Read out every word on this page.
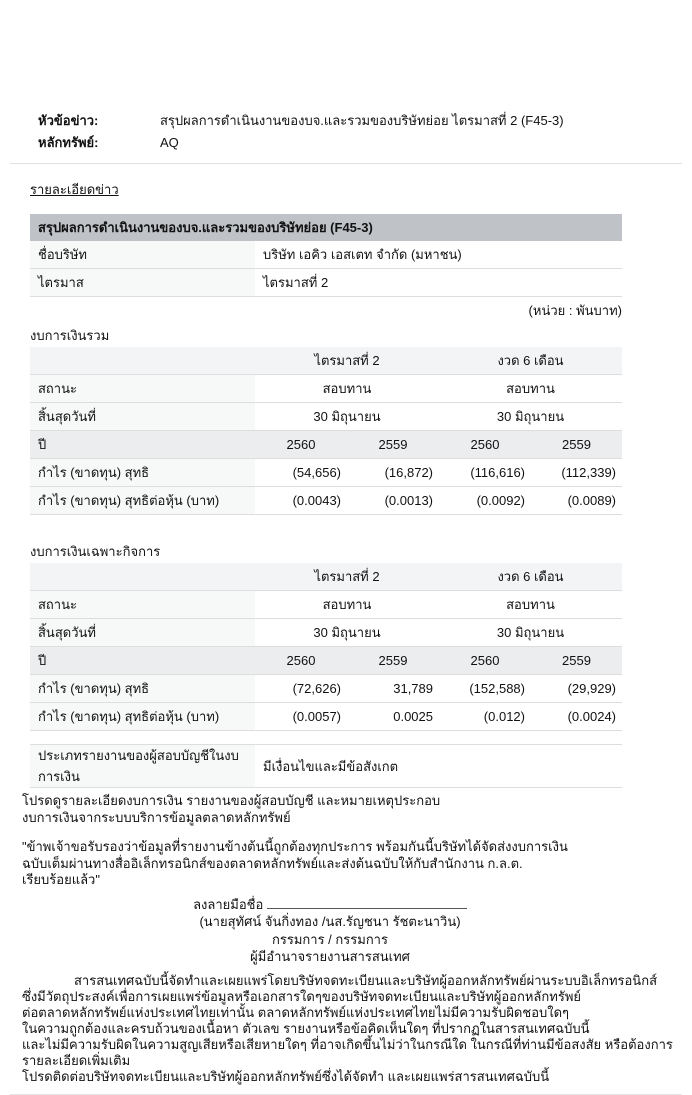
หัวข้อข่าว:	สรุปผลการดำเนินงานของบจ.และรวมของบริษัทย่อย ไตรมาสที่ 2 (F45-3)
หลักทรัพย์:	AQ
รายละเอียดข่าว
สรุปผลการดำเนินงานของบจ.และรวมของบริษัทย่อย (F45-3)
ชื่อบริษัท	บริษัท เอคิว เอสเตท จำกัด (มหาชน)
ไตรมาส	ไตรมาสที่ 2
(หน่วย : พันบาท)
งบการเงินรวม
	ไตรมาสที่ 2		งวด 6 เดือน	
สถานะ	สอบทาน		สอบทาน	
สิ้นสุดวันที่	30 มิถุนายน		30 มิถุนายน	
ปี	2560	2559	2560	2559
กำไร (ขาดทุน) สุทธิ	(54,656)	(16,872)	(116,616)	(112,339)
กำไร (ขาดทุน) สุทธิต่อหุ้น (บาท)	(0.0043)	(0.0013)	(0.0092)	(0.0089)
งบการเงินเฉพาะกิจการ
	ไตรมาสที่ 2		งวด 6 เดือน	
สถานะ	สอบทาน		สอบทาน	
สิ้นสุดวันที่	30 มิถุนายน		30 มิถุนายน	
ปี	2560	2559	2560	2559
กำไร (ขาดทุน) สุทธิ	(72,626)	31,789	(152,588)	(29,929)
กำไร (ขาดทุน) สุทธิต่อหุ้น (บาท)	(0.0057)	0.0025	(0.012)	(0.0024)
ประเภทรายงานของผู้สอบบัญชีในงบการเงิน	มีเงื่อนไขและมีข้อสังเกต
โปรดดูรายละเอียดงบการเงิน รายงานของผู้สอบบัญชี และหมายเหตุประกอบ
งบการเงินจากระบบบริการข้อมูลตลาดหลักทรัพย์
"ข้าพเจ้าขอรับรองว่าข้อมูลที่รายงานข้างต้นนี้ถูกต้องทุกประการ พร้อมกันนี้บริษัทได้จัดส่งงบการเงิน
ฉบับเต็มผ่านทางสื่ออิเล็กทรอนิกส์ของตลาดหลักทรัพย์และส่งต้นฉบับให้กับสำนักงาน ก.ล.ต.
เรียบร้อยแล้ว"
ลงลายมือชื่อ
(นายสุทัศน์ จันกิ่งทอง /นส.รัญชนา รัชตะนาวิน)
กรรมการ / กรรมการ
ผู้มีอำนาจรายงานสารสนเทศ
สารสนเทศฉบับนี้จัดทำและเผยแพร่โดยบริษัทจดทะเบียนและบริษัทผู้ออกหลักทรัพย์ผ่านระบบอิเล็กทรอนิกส์
ซึ่งมีวัตถุประสงค์เพื่อการเผยแพร่ข้อมูลหรือเอกสารใดๆของบริษัทจดทะเบียนและบริษัทผู้ออกหลักทรัพย์
ต่อตลาดหลักทรัพย์แห่งประเทศไทยเท่านั้น ตลาดหลักทรัพย์แห่งประเทศไทยไม่มีความรับผิดชอบใดๆ
ในความถูกต้องและครบถ้วนของเนื้อหา ตัวเลข รายงานหรือข้อคิดเห็นใดๆ ที่ปรากฏในสารสนเทศฉบับนี้
และไม่มีความรับผิดในความสูญเสียหรือเสียหายใดๆ ที่อาจเกิดขึ้นไม่ว่าในกรณีใด ในกรณีที่ท่านมีข้อสงสัย หรือต้องการรายละเอียดเพิ่มเติม
โปรดติดต่อบริษัทจดทะเบียนและบริษัทผู้ออกหลักทรัพย์ซึ่งได้จัดทำ และเผยแพร่สารสนเทศฉบับนี้
